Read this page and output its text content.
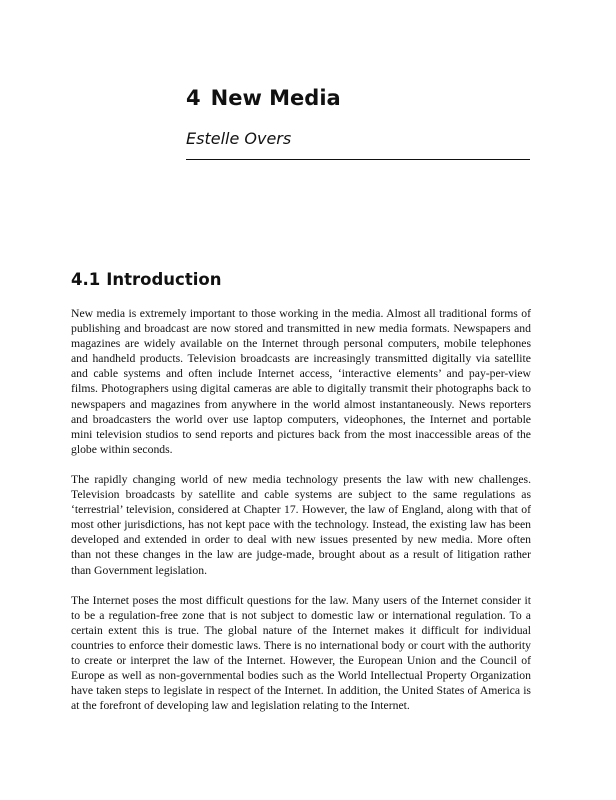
4 New Media

Estelle Overs

4.1 Introduction

New media is extremely important to those working in the media. Almost all traditional forms of publishing and broadcast are now stored and transmitted in new media formats. Newspapers and magazines are widely available on the Internet through personal computers, mobile telephones and handheld products. Television broadcasts are increasingly transmitted digitally via satellite and cable systems and often include Internet access, ‘interactive elements’ and pay-per-view films. Photographers using digital cameras are able to digitally transmit their photographs back to newspapers and magazines from anywhere in the world almost instantaneously. News reporters and broadcasters the world over use laptop computers, videophones, the Internet and portable mini television studios to send reports and pictures back from the most inaccessible areas of the globe within seconds.

The rapidly changing world of new media technology presents the law with new challenges. Television broadcasts by satellite and cable systems are subject to the same regulations as ‘terrestrial’ television, considered at Chapter 17. However, the law of England, along with that of most other jurisdictions, has not kept pace with the technology. Instead, the existing law has been developed and extended in order to deal with new issues presented by new media. More often than not these changes in the law are judge-made, brought about as a result of litigation rather than Government legislation.

The Internet poses the most difficult questions for the law. Many users of the Internet consider it to be a regulation-free zone that is not subject to domestic law or international regulation. To a certain extent this is true. The global nature of the Internet makes it difficult for individual countries to enforce their domestic laws. There is no international body or court with the authority to create or interpret the law of the Internet. However, the European Union and the Council of Europe as well as non-governmental bodies such as the World Intellectual Property Organization have taken steps to legislate in respect of the Internet. In addition, the United States of America is at the forefront of developing law and legislation relating to the Internet.
